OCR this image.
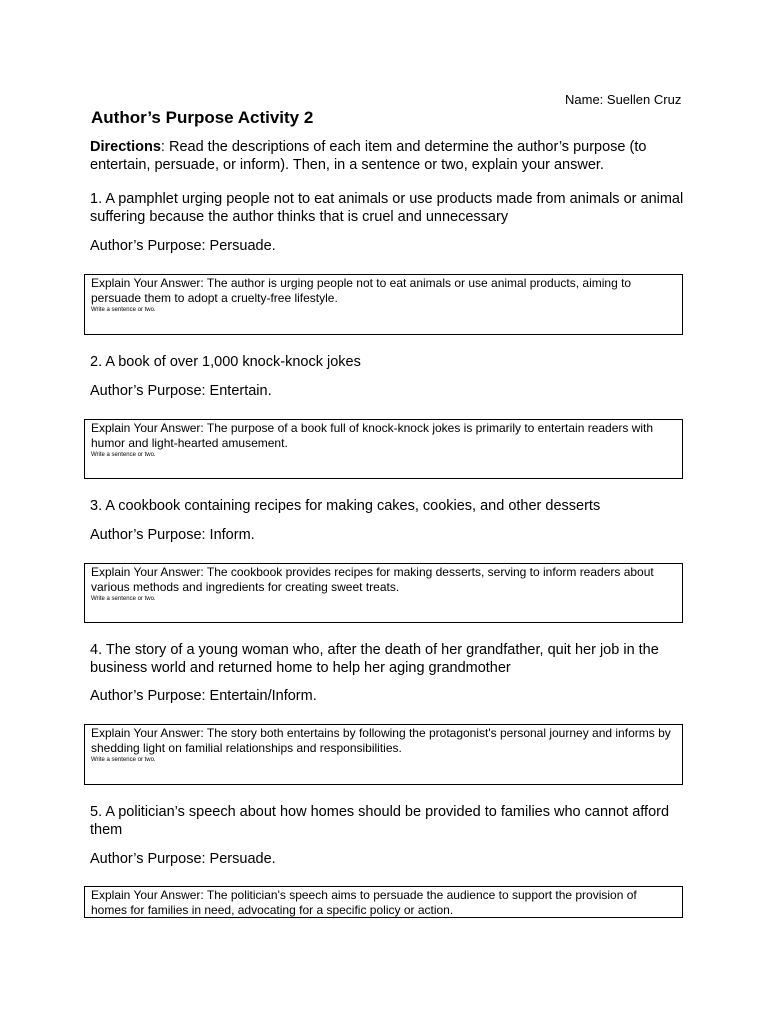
Name: Suellen Cruz
Author’s Purpose Activity 2
Directions: Read the descriptions of each item and determine the author’s purpose (to entertain, persuade, or inform). Then, in a sentence or two, explain your answer.
1. A pamphlet urging people not to eat animals or use products made from animals or animal suffering because the author thinks that is cruel and unnecessary
Author’s Purpose: Persuade.
Explain Your Answer: The author is urging people not to eat animals or use animal products, aiming to persuade them to adopt a cruelty-free lifestyle.
Write a sentence or two.
2. A book of over 1,000 knock-knock jokes
Author’s Purpose: Entertain.
Explain Your Answer: The purpose of a book full of knock-knock jokes is primarily to entertain readers with humor and light-hearted amusement.
Write a sentence or two.
3. A cookbook containing recipes for making cakes, cookies, and other desserts
Author’s Purpose: Inform.
Explain Your Answer: The cookbook provides recipes for making desserts, serving to inform readers about various methods and ingredients for creating sweet treats.
Write a sentence or two.
4. The story of a young woman who, after the death of her grandfather, quit her job in the business world and returned home to help her aging grandmother
Author’s Purpose: Entertain/Inform.
Explain Your Answer: The story both entertains by following the protagonist's personal journey and informs by shedding light on familial relationships and responsibilities.
Write a sentence or two.
5. A politician’s speech about how homes should be provided to families who cannot afford them
Author’s Purpose: Persuade.
Explain Your Answer: The politician's speech aims to persuade the audience to support the provision of homes for families in need, advocating for a specific policy or action.
